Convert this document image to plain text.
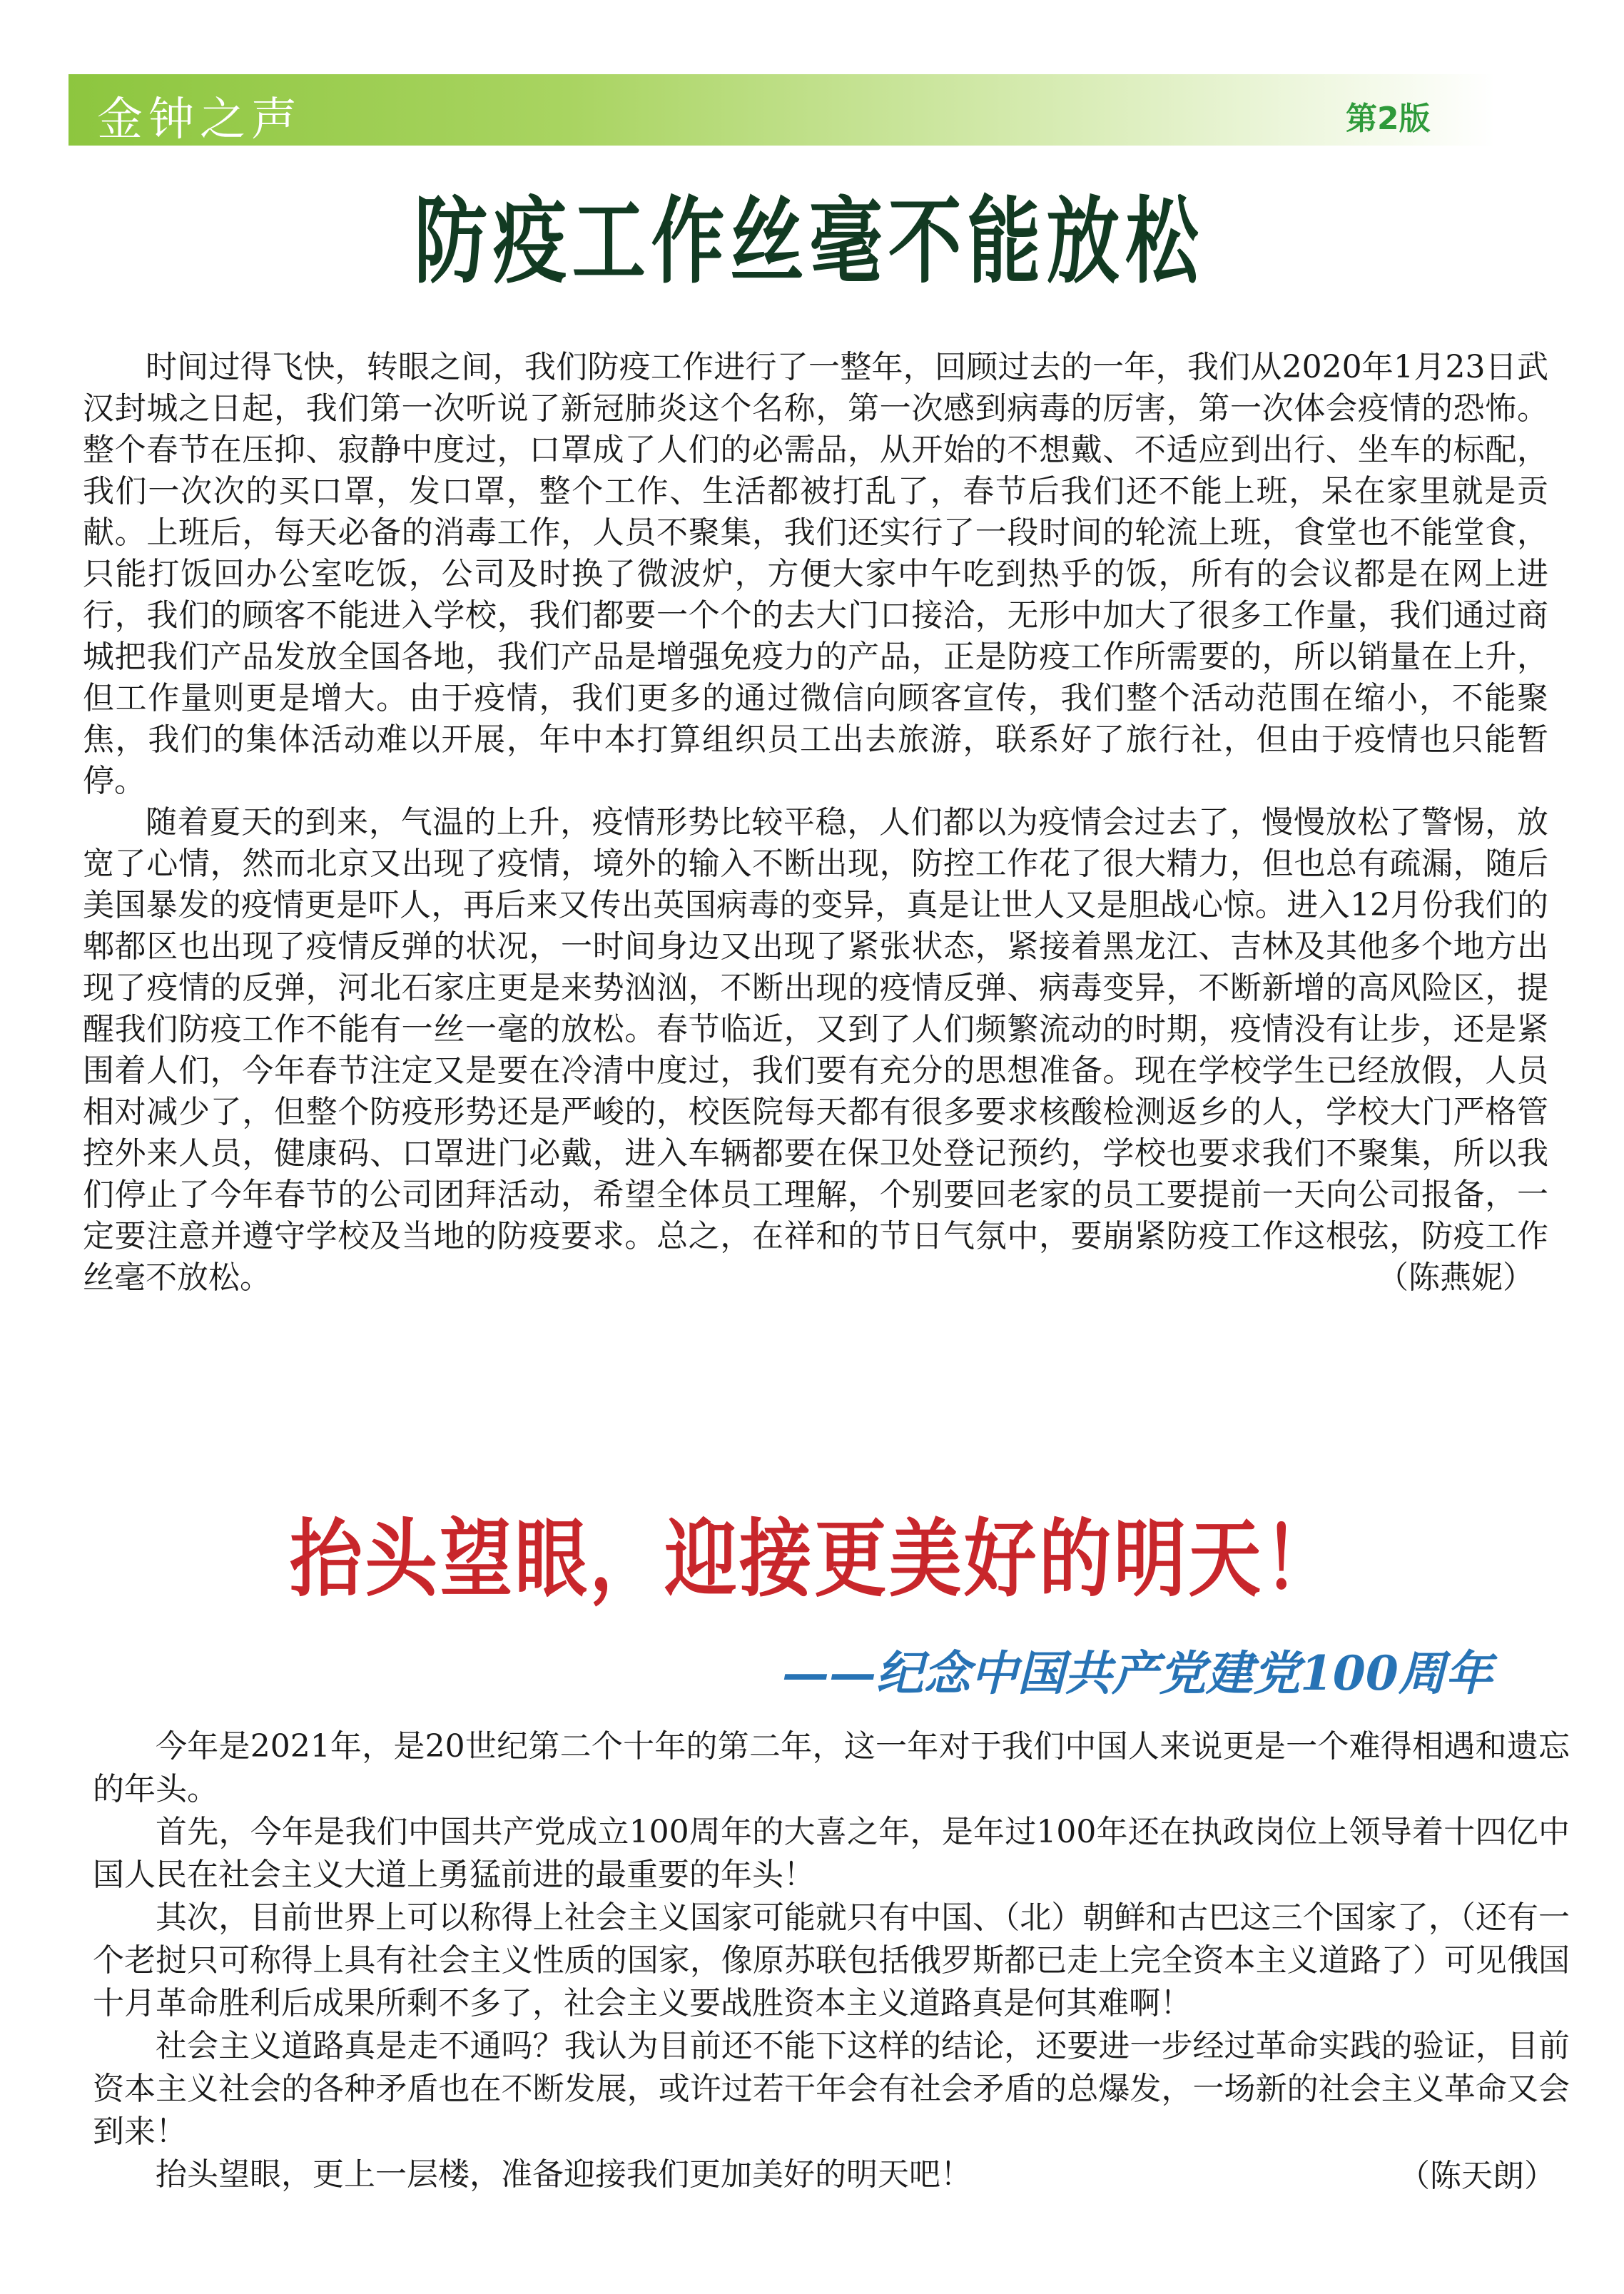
金钟之声	第2版
防疫工作丝毫不能放松

时间过得飞快，转眼之间，我们防疫工作进行了一整年，回顾过去的一年，我们从2020年1月23日武汉封城之日起，我们第一次听说了新冠肺炎这个名称，第一次感到病毒的厉害，第一次体会疫情的恐怖。整个春节在压抑、寂静中度过，口罩成了人们的必需品，从开始的不想戴、不适应到出行、坐车的标配，我们一次次的买口罩，发口罩，整个工作、生活都被打乱了，春节后我们还不能上班，呆在家里就是贡献。上班后，每天必备的消毒工作，人员不聚集，我们还实行了一段时间的轮流上班，食堂也不能堂食，只能打饭回办公室吃饭，公司及时换了微波炉，方便大家中午吃到热乎的饭，所有的会议都是在网上进行，我们的顾客不能进入学校，我们都要一个个的去大门口接洽，无形中加大了很多工作量，我们通过商城把我们产品发放全国各地，我们产品是增强免疫力的产品，正是防疫工作所需要的，所以销量在上升，但工作量则更是增大。由于疫情，我们更多的通过微信向顾客宣传，我们整个活动范围在缩小，不能聚焦，我们的集体活动难以开展，年中本打算组织员工出去旅游，联系好了旅行社，但由于疫情也只能暂停。

随着夏天的到来，气温的上升，疫情形势比较平稳，人们都以为疫情会过去了，慢慢放松了警惕，放宽了心情，然而北京又出现了疫情，境外的输入不断出现，防控工作花了很大精力，但也总有疏漏，随后美国暴发的疫情更是吓人，再后来又传出英国病毒的变异，真是让世人又是胆战心惊。进入12月份我们的郫都区也出现了疫情反弹的状况，一时间身边又出现了紧张状态，紧接着黑龙江、吉林及其他多个地方出现了疫情的反弹，河北石家庄更是来势汹汹，不断出现的疫情反弹、病毒变异，不断新增的高风险区，提醒我们防疫工作不能有一丝一毫的放松。春节临近，又到了人们频繁流动的时期，疫情没有让步，还是紧围着人们，今年春节注定又是要在冷清中度过，我们要有充分的思想准备。现在学校学生已经放假，人员相对减少了，但整个防疫形势还是严峻的，校医院每天都有很多要求核酸检测返乡的人，学校大门严格管控外来人员，健康码、口罩进门必戴，进入车辆都要在保卫处登记预约，学校也要求我们不聚集，所以我们停止了今年春节的公司团拜活动，希望全体员工理解，个别要回老家的员工要提前一天向公司报备，一定要注意并遵守学校及当地的防疫要求。总之，在祥和的节日气氛中，要崩紧防疫工作这根弦，防疫工作丝毫不放松。	（陈燕妮）
抬头望眼，迎接更美好的明天！
——纪念中国共产党建党100周年

今年是2021年，是20世纪第二个十年的第二年，这一年对于我们中国人来说更是一个难得相遇和遗忘的年头。

首先，今年是我们中国共产党成立100周年的大喜之年，是年过100年还在执政岗位上领导着十四亿中国人民在社会主义大道上勇猛前进的最重要的年头！

其次，目前世界上可以称得上社会主义国家可能就只有中国、（北）朝鲜和古巴这三个国家了，（还有一个老挝只可称得上具有社会主义性质的国家，像原苏联包括俄罗斯都已走上完全资本主义道路了）可见俄国十月革命胜利后成果所剩不多了，社会主义要战胜资本主义道路真是何其难啊！

社会主义道路真是走不通吗？我认为目前还不能下这样的结论，还要进一步经过革命实践的验证，目前资本主义社会的各种矛盾也在不断发展，或许过若干年会有社会矛盾的总爆发，一场新的社会主义革命又会到来！

抬头望眼，更上一层楼，准备迎接我们更加美好的明天吧！	（陈天朗）
